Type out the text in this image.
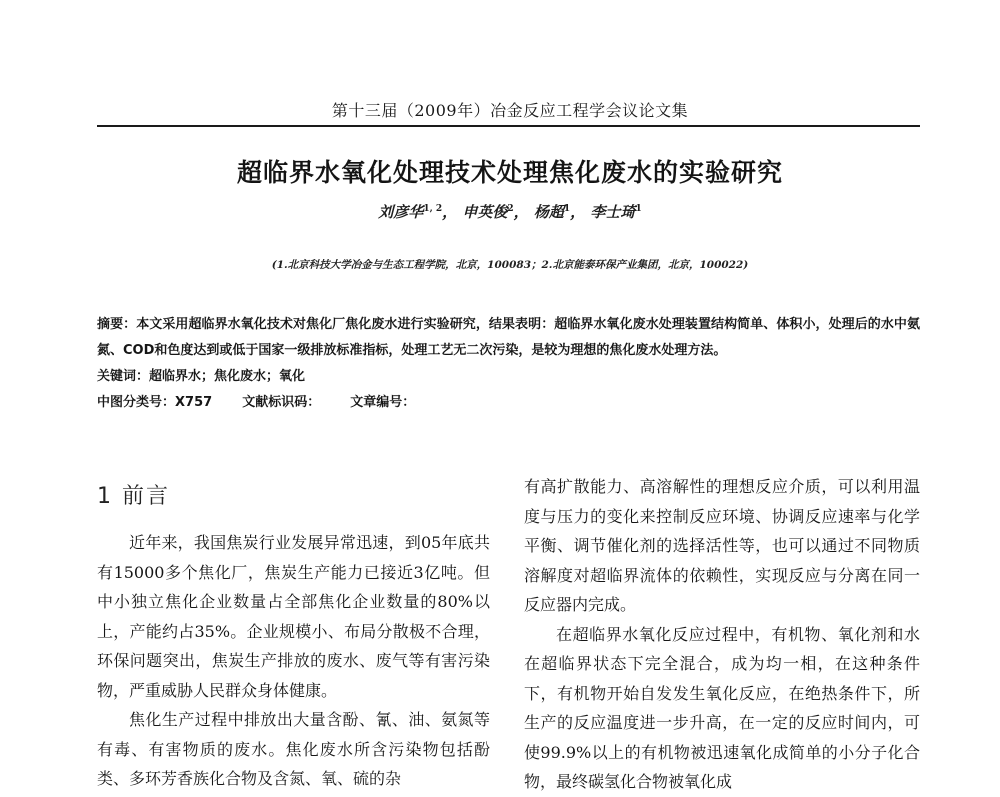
第十三届（2009年）冶金反应工程学会议论文集
超临界水氧化处理技术处理焦化废水的实验研究
刘彦华$^{1, 2}$， 申英俊$^2$， 杨超$^1$， 李士琦$^1$
(1.北京科技大学冶金与生态工程学院，北京，100083；2.北京能泰环保产业集团，北京，100022)

摘要：本文采用超临界水氧化技术对焦化厂焦化废水进行实验研究，结果表明：超临界水氧化废水处理装置结构简单、体积小，处理后的水中氨氮、COD和色度达到或低于国家一级排放标准指标，处理工艺无二次污染，是较为理想的焦化废水处理方法。

关键词：超临界水；焦化废水；氧化

中图分类号：X757 文献标识码： 文章编号：

1 前言

近年来，我国焦炭行业发展异常迅速，到05年底共有15000多个焦化厂，焦炭生产能力已接近3亿吨。但中小独立焦化企业数量占全部焦化企业数量的80%以上，产能约占35%。企业规模小、布局分散极不合理，环保问题突出，焦炭生产排放的废水、废气等有害污染物，严重威胁人民群众身体健康。

焦化生产过程中排放出大量含酚、氰、油、氨氮等有毒、有害物质的废水。焦化废水所含污染物包括酚类、多环芳香族化合物及含氮、氧、硫的杂

有高扩散能力、高溶解性的理想反应介质，可以利用温度与压力的变化来控制反应环境、协调反应速率与化学平衡、调节催化剂的选择活性等，也可以通过不同物质溶解度对超临界流体的依赖性，实现反应与分离在同一反应器内完成。

在超临界水氧化反应过程中，有机物、氧化剂和水在超临界状态下完全混合，成为均一相，在这种条件下，有机物开始自发发生氧化反应，在绝热条件下，所生产的反应温度进一步升高，在一定的反应时间内，可使99.9%以上的有机物被迅速氧化成简单的小分子化合物，最终碳氢化合物被氧化成
